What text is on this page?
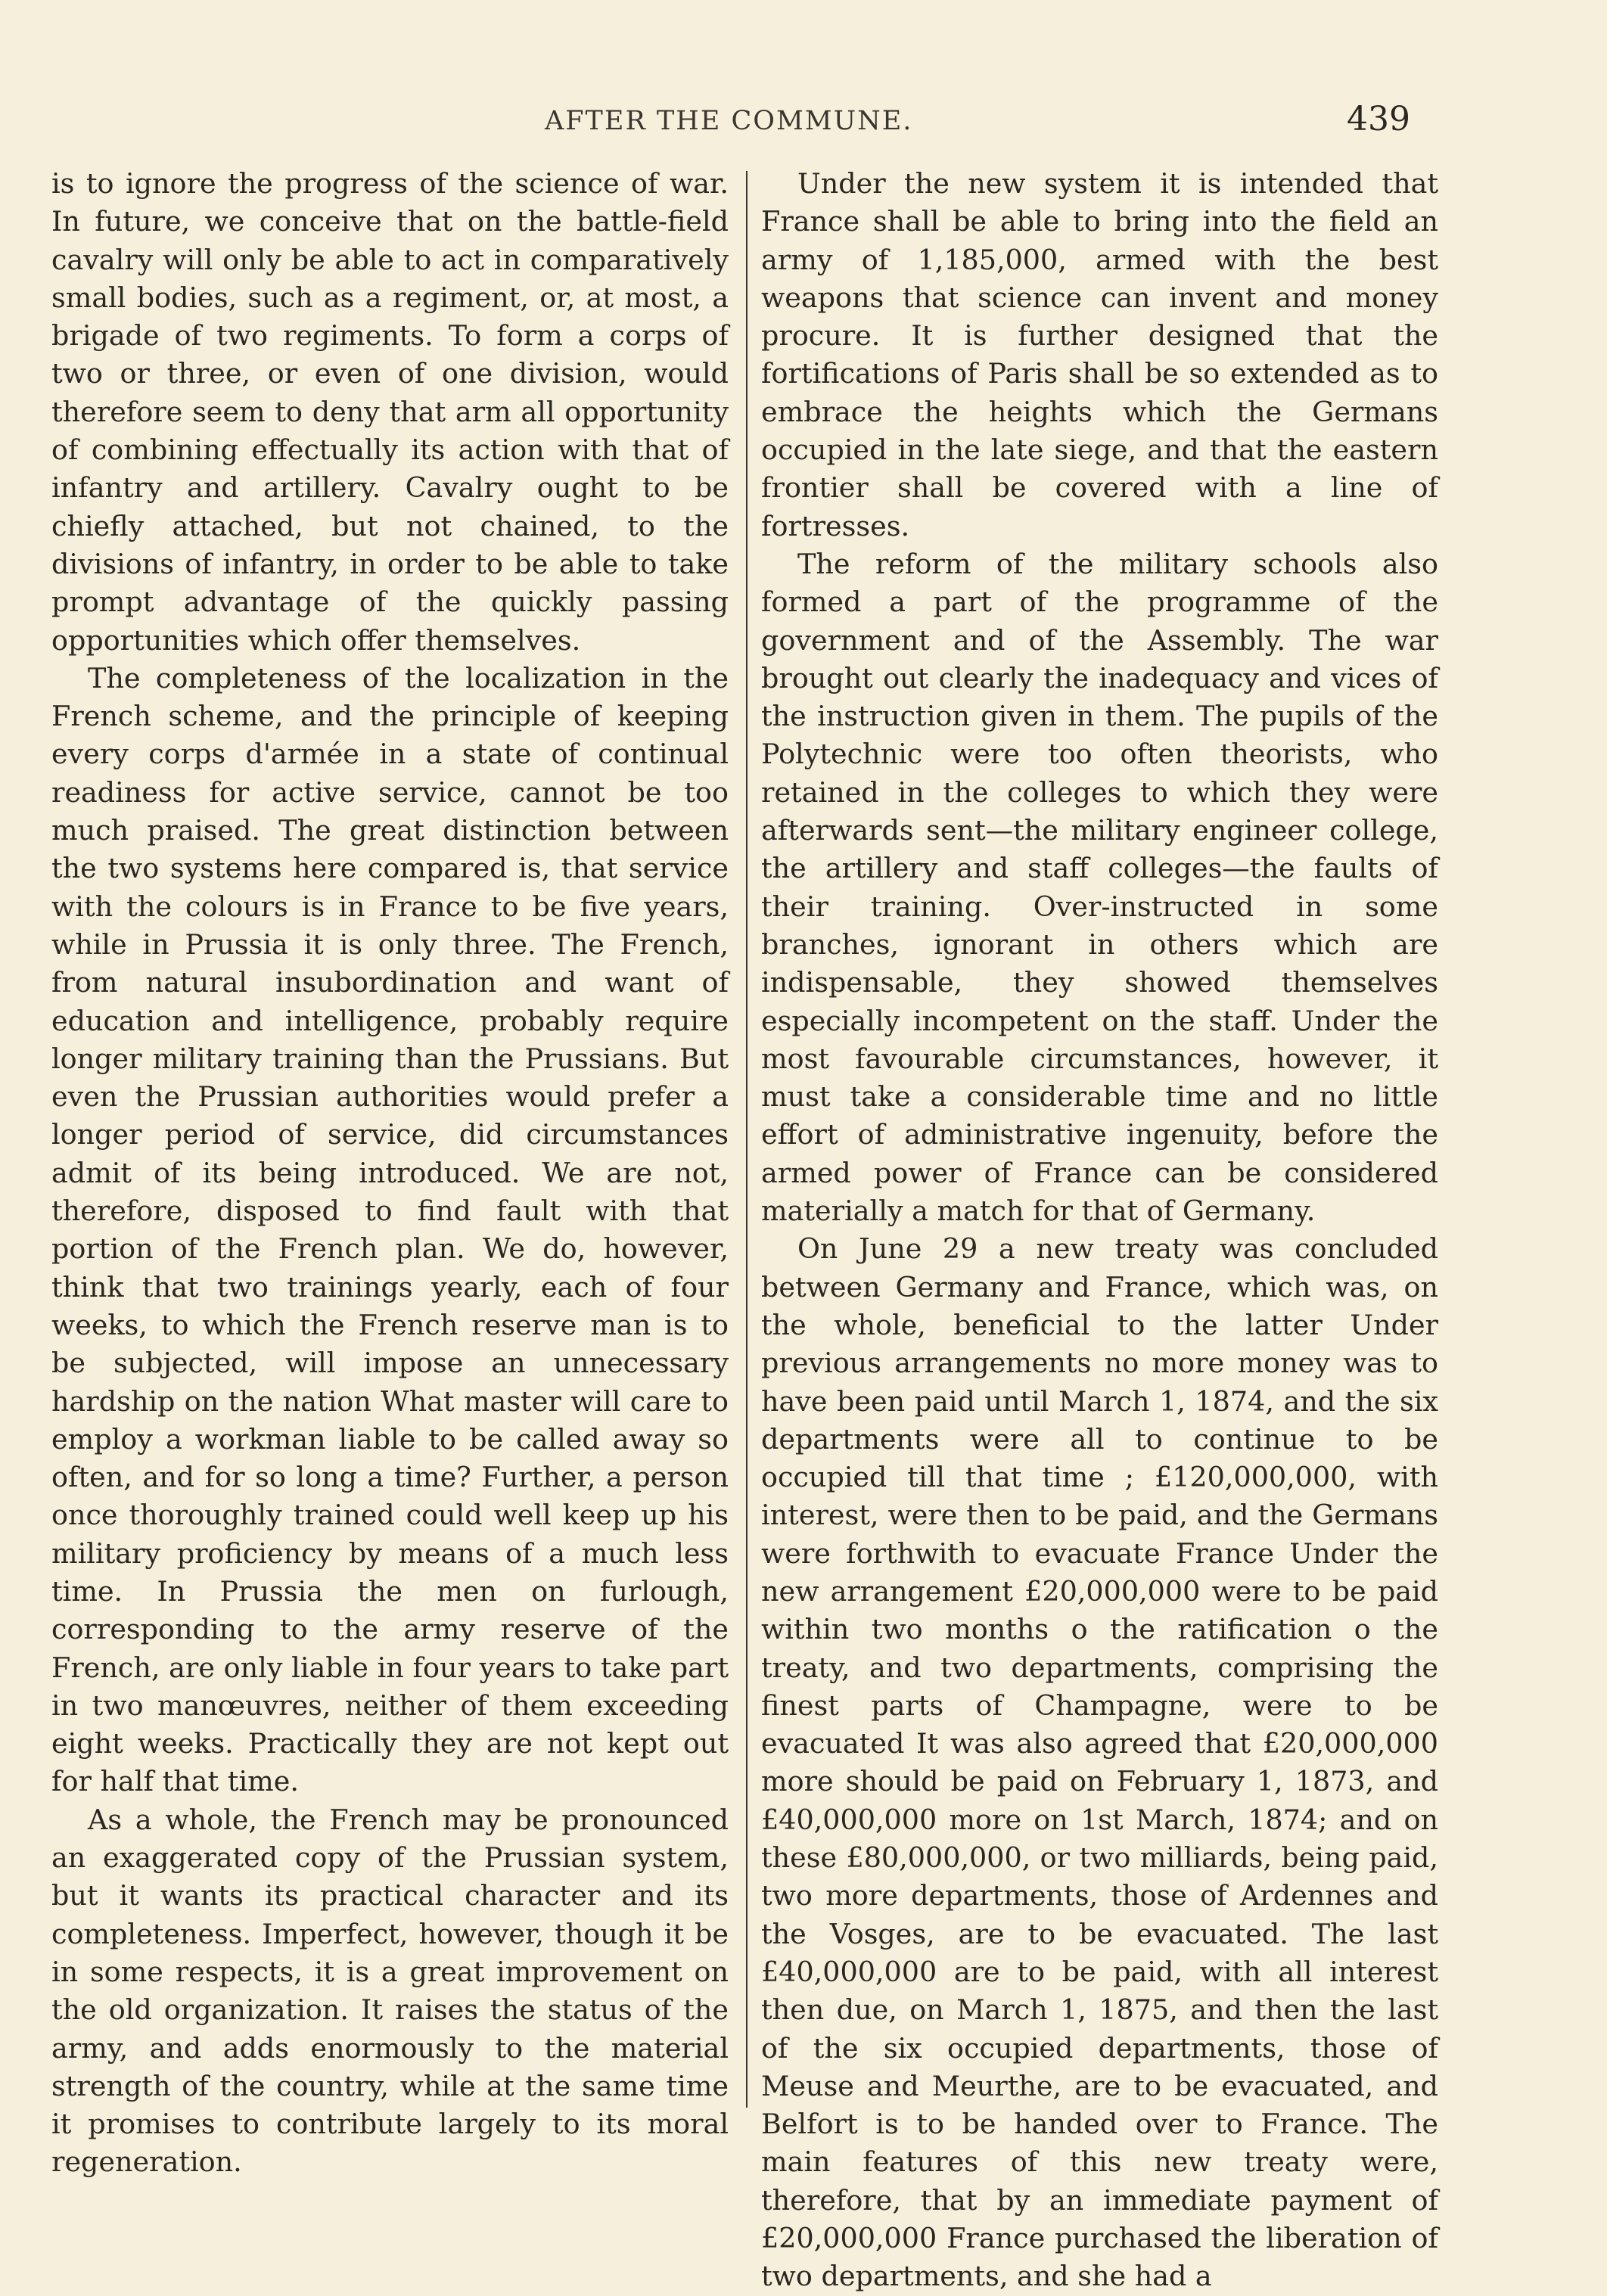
AFTER THE COMMUNE.	439

is to ignore the progress of the science of war. In future, we conceive that on the battle-field cavalry will only be able to act in comparatively small bodies, such as a regiment, or, at most, a brigade of two regiments. To form a corps of two or three, or even of one division, would therefore seem to deny that arm all opportunity of combining effectually its action with that of infantry and artillery. Cavalry ought to be chiefly attached, but not chained, to the divisions of infantry, in order to be able to take prompt advantage of the quickly passing opportunities which offer themselves.

The completeness of the localization in the French scheme, and the principle of keeping every corps d'armée in a state of continual readiness for active service, cannot be too much praised. The great distinction between the two systems here compared is, that service with the colours is in France to be five years, while in Prussia it is only three. The French, from natural insubordination and want of education and intelligence, probably require longer military training than the Prussians. But even the Prussian authorities would prefer a longer period of service, did circumstances admit of its being introduced. We are not, therefore, disposed to find fault with that portion of the French plan. We do, however, think that two trainings yearly, each of four weeks, to which the French reserve man is to be subjected, will impose an unnecessary hardship on the nation What master will care to employ a workman liable to be called away so often, and for so long a time? Further, a person once thoroughly trained could well keep up his military proficiency by means of a much less time. In Prussia the men on furlough, corresponding to the army reserve of the French, are only liable in four years to take part in two manœuvres, neither of them exceeding eight weeks. Practically they are not kept out for half that time.

As a whole, the French may be pronounced an exaggerated copy of the Prussian system, but it wants its practical character and its completeness. Imperfect, however, though it be in some respects, it is a great improvement on the old organization. It raises the status of the army, and adds enormously to the material strength of the country, while at the same time it promises to contribute largely to its moral regeneration.

Under the new system it is intended that France shall be able to bring into the field an army of 1,185,000, armed with the best weapons that science can invent and money procure. It is further designed that the fortifications of Paris shall be so extended as to embrace the heights which the Germans occupied in the late siege, and that the eastern frontier shall be covered with a line of fortresses.

The reform of the military schools also formed a part of the programme of the government and of the Assembly. The war brought out clearly the inadequacy and vices of the instruction given in them. The pupils of the Polytechnic were too often theorists, who retained in the colleges to which they were afterwards sent—the military engineer college, the artillery and staff colleges—the faults of their training. Over-instructed in some branches, ignorant in others which are indispensable, they showed themselves especially incompetent on the staff. Under the most favourable circumstances, however, it must take a considerable time and no little effort of administrative ingenuity, before the armed power of France can be considered materially a match for that of Germany.

On June 29 a new treaty was concluded between Germany and France, which was, on the whole, beneficial to the latter Under previous arrangements no more money was to have been paid until March 1, 1874, and the six departments were all to continue to be occupied till that time ; £120,000,000, with interest, were then to be paid, and the Germans were forthwith to evacuate France Under the new arrangement £20,000,000 were to be paid within two months o the ratification o the treaty, and two departments, comprising the finest parts of Champagne, were to be evacuated It was also agreed that £20,000,000 more should be paid on February 1, 1873, and £40,000,000 more on 1st March, 1874; and on these £80,000,000, or two milliards, being paid, two more departments, those of Ardennes and the Vosges, are to be evacuated. The last £40,000,000 are to be paid, with all interest then due, on March 1, 1875, and then the last of the six occupied departments, those of Meuse and Meurthe, are to be evacuated, and Belfort is to be handed over to France. The main features of this new treaty were, therefore, that by an immediate payment of £20,000,000 France purchased the liberation of two departments, and she had a
